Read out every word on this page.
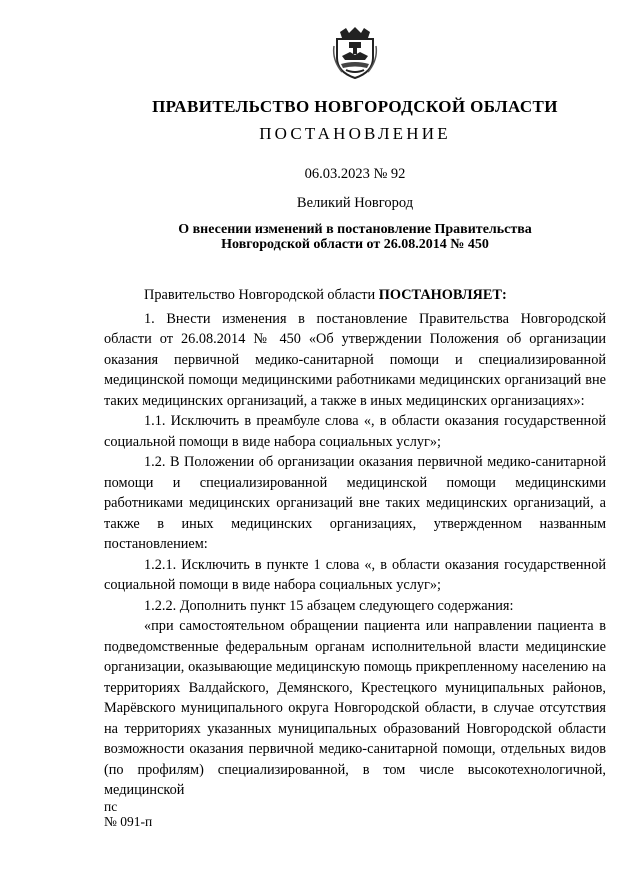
ПРАВИТЕЛЬСТВО НОВГОРОДСКОЙ ОБЛАСТИ
ПОСТАНОВЛЕНИЕ
06.03.2023 № 92
Великий Новгород
О внесении изменений в постановление Правительства
Новгородской области от 26.08.2014 № 450

Правительство Новгородской области ПОСТАНОВЛЯЕТ:

1. Внести изменения в постановление Правительства Новгородской области от 26.08.2014 № 450 «Об утверждении Положения об организации оказания первичной медико-санитарной помощи и специализированной медицинской помощи медицинскими работниками медицинских организаций вне таких медицинских организаций, а также в иных медицинских организациях»:

1.1. Исключить в преамбуле слова «, в области оказания государственной социальной помощи в виде набора социальных услуг»;

1.2. В Положении об организации оказания первичной медико-санитарной помощи и специализированной медицинской помощи медицинскими работниками медицинских организаций вне таких медицинских организаций, а также в иных медицинских организациях, утвержденном названным постановлением:

1.2.1. Исключить в пункте 1 слова «, в области оказания государственной социальной помощи в виде набора социальных услуг»;

1.2.2. Дополнить пункт 15 абзацем следующего содержания:

«при самостоятельном обращении пациента или направлении пациента в подведомственные федеральным органам исполнительной власти медицинские организации, оказывающие медицинскую помощь прикрепленному населению на территориях Валдайского, Демянского, Крестецкого муниципальных районов, Марёвского муниципального округа Новгородской области, в случае отсутствия на территориях указанных муниципальных образований Новгородской области возможности оказания первичной медико-санитарной помощи, отдельных видов (по профилям) специализированной, в том числе высокотехнологичной, медицинской

пс
№ 091-п
